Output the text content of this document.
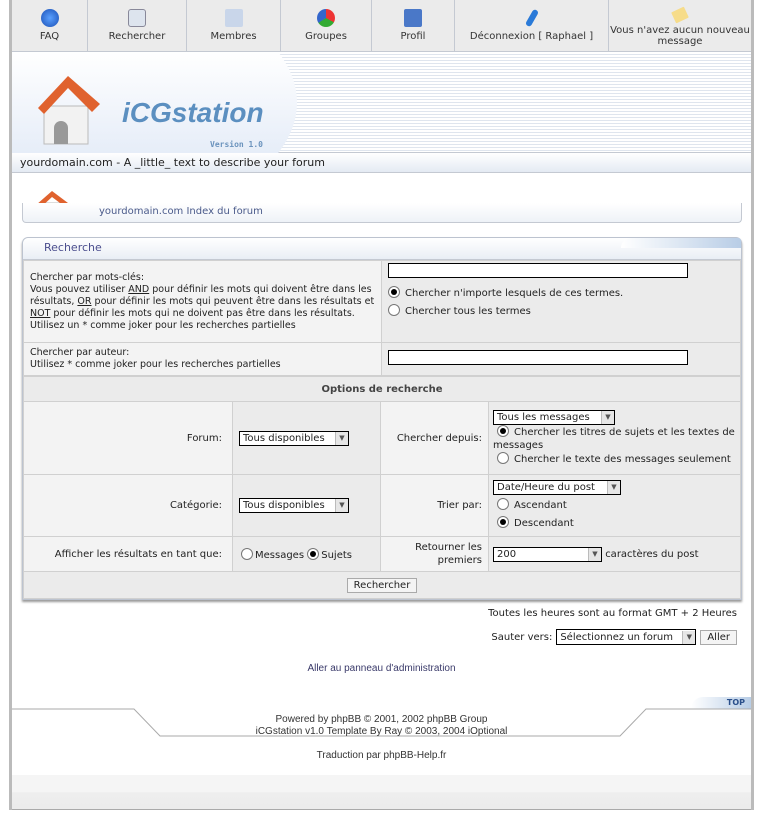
FAQ	Rechercher	Membres	Groupes	Profil	Déconnexion [ Raphael ]
Vous n'avez aucun nouveau message
iCGstation
Version 1.0
yourdomain.com - A _little_ text to describe your forum
yourdomain.com Index du forum
Recherche
Chercher par mots-clés:
Vous pouvez utiliser AND pour définir les mots qui doivent être dans les résultats, OR pour définir les mots qui peuvent être dans les résultats et NOT pour définir les mots qui ne doivent pas être dans les résultats. Utilisez un * comme joker pour les recherches partielles	Chercher n'importe lesquels de ces termes.
Chercher tous les termes
Chercher par auteur:
Utilisez * comme joker pour les recherches partielles	
Options de recherche			
Forum:	Tous disponibles ▼	Chercher depuis:	Tous les messages ▼

Chercher les titres de sujets et les textes de messages
Chercher le texte des messages seulement
Catégorie:	Tous disponibles ▼	Trier par:	Date/Heure du post ▼

Ascendant
Descendant
Afficher les résultats en tant que:	Messages Sujets	Retourner les premiers	200 ▼ caractères du post
Rechercher			
Toutes les heures sont au format GMT + 2 Heures
Sauter vers: Sélectionnez un forum	▼	Aller
Aller au panneau d'administration
TOP
Powered by phpBB © 2001, 2002 phpBB Group
iCGstation v1.0 Template By Ray © 2003, 2004 iOptional
Traduction par phpBB-Help.fr
